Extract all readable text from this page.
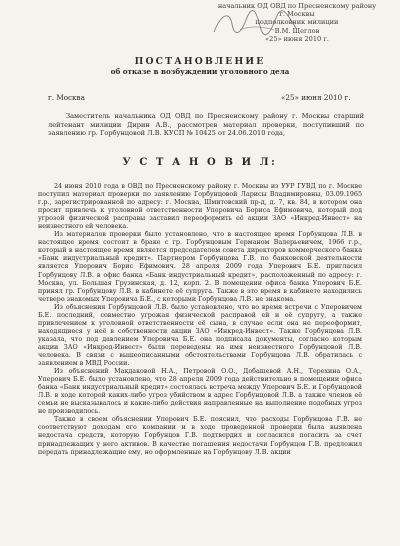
начальник ОД ОВД по Пресненскому району
г. Москвы
подполковник милиции
В.М. Щеглов
«25» июня 2010 г.
ПОСТАНОВЛЕНИЕ
об отказе в возбуждении уголовного дела
г. Москва	«25» июня 2010 г.
Заместитель начальника ОД ОВД по Пресненскому району г. Москвы старший лейтенант милиции Дирин А.В., рассмотрев материал проверки, поступивший по заявлению гр. Горбунцовой Л.В. КУСП № 10425 от 24.06.2010 года,
У С Т А Н О В И Л:

24 июня 2010 года в ОВД по Пресненскому району г. Москвы из УУР ГУВД по г. Москве поступил материал проверки по заявлению Горбунцовой Ларисы Владимировны, 03.09.1965 г.р., зарегистрированной по адресу: г. Москва, Шмитовский пр-д, д. 7, кв. 84, в котором она просит привлечь к уголовной ответственности Уперовича Бориса Ефимовича, который под угрозой физической расправы заставил переоформить её акции ЗАО «Инкред-Инвест» на неизвестного ей человека.

Из материалов проверки было установлено, что в настоящее время Горбунцова Л.В. в настоящее время состоит в браке с гр. Горбунцовым Германом Валерьевичем, 1966 г.р., который в настоящее время является председателем совета директоров коммерческого банка «Банк индустриальный кредит». Партнером Горбунцова Г.В. по банковской деятельности является Уперович Борис Ефимович. 28 апреля 2009 года Уперович Б.Е. пригласил Горбунцову Л.В. в офис банка «Банк индустриальный кредит», расположенный по адресу: г. Москва, ул. Большая Грузинская, д. 12, корп. 2. В помещении офиса банка Уперович Б.Е. принял гр. Горбунцову Л.В. в кабинете её супруга. Также в это время в кабинете находились четверо знакомых Уперовича Б.Е., с которыми Горбунцова Л.В. не знакома.

Из объяснения Горбунцовой Л.В. было установлено, что во время встречи с Уперовичем Б.Е. последний, совместно угрожая физической расправой ей и её супругу, а также привлечением к уголовной ответственности её сына, в случае если она не переоформит, находящиеся у неё в собственности акции ЗАО «Инкред-Инвест». Также Горбунцова Л.В. указала, что под давлением Уперовича Б.Е. она подписала документы, согласно которым акции ЗАО «Инкред-Инвест» были переведены на имя неизвестного Горбунцовой Л.В. человека. В связи с вышеописанными обстоятельствами Горбунцова Л.В. обратилась с заявлением в МВД России.

Из объяснений Макдаковой Н.А., Петровой О.О., Добашевой А.Н., Терехина О.А., Уперович Б.Е. было установлено, что 28 апреля 2009 года действительно в помещении офиса банка «Банк индустриальный кредит» состоялась встреча между Уперович Б.Е. и Горбунцовой Л.В. в ходе которой каких-либо угроз убийством в адрес Горбунцовой Л.В. а также членов её семьи не высказывалось и какие-либо действия направленные на выполнение подобных угроз не производилось.

Также в своем объяснении Уперович Б.Е. пояснил, что расходы Горбунцова Г.В. не соответствуют доходам его компании и в ходе проведенной проверки была выявлена недостача средств, которую Горбунцов Г.В. подтвердил и согласился погасить за счет принадлежащих у него активов. В качестве погашения недостачи Горбунцов Г.В. предложил передать принадлежащие ему, но оформленные на Горбунцову Л.В. акции
